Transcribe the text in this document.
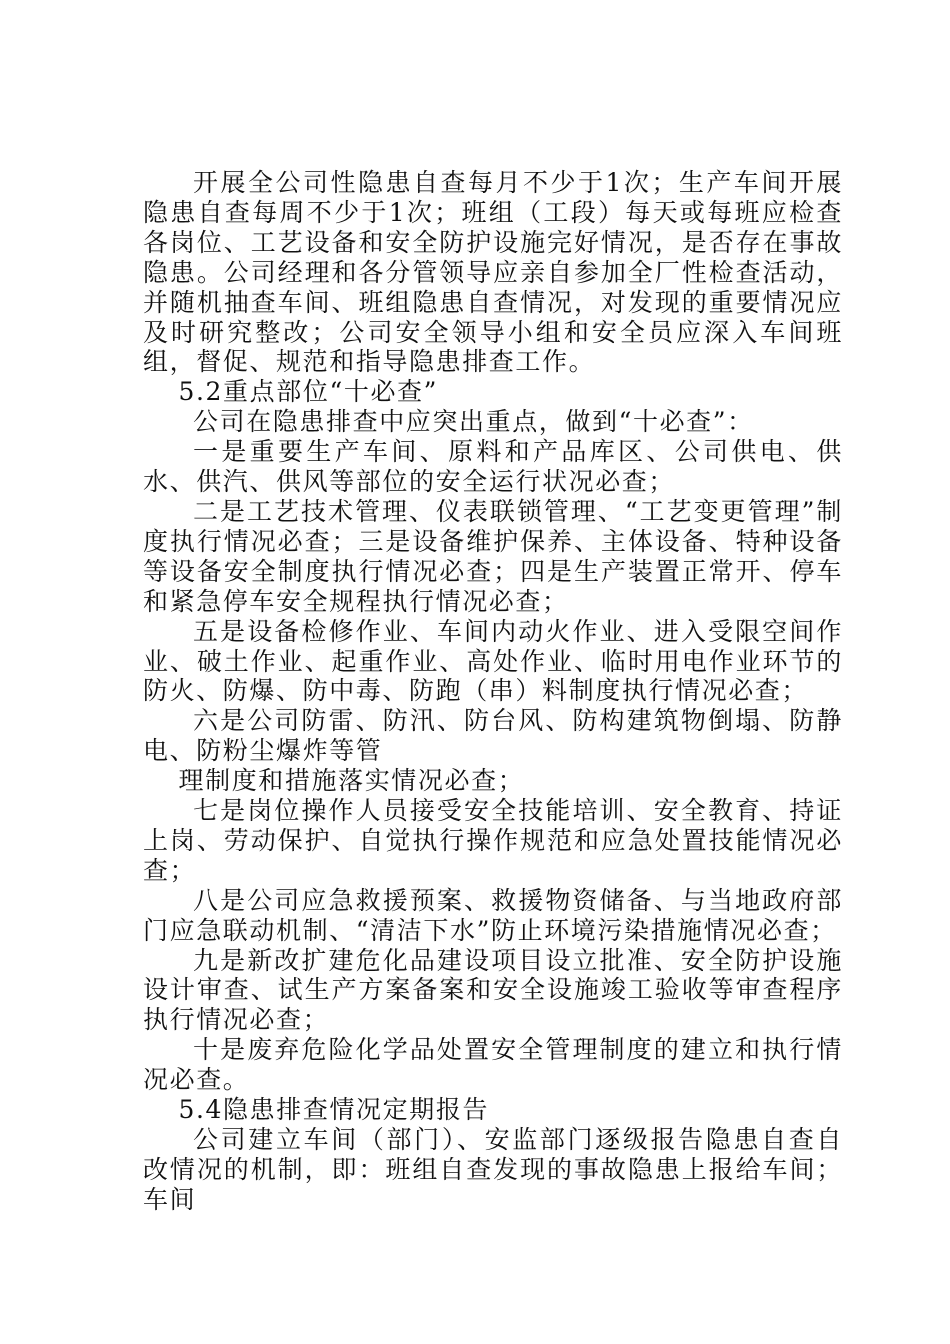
开展全公司性隐患自查每月不少于1次；生产车间开展隐患自查每周不少于1次；班组（工段）每天或每班应检查各岗位、工艺设备和安全防护设施完好情况，是否存在事故隐患。公司经理和各分管领导应亲自参加全厂性检查活动，并随机抽查车间、班组隐患自查情况，对发现的重要情况应及时研究整改；公司安全领导小组和安全员应深入车间班组，督促、规范和指导隐患排查工作。

5.2重点部位“十必查”

公司在隐患排查中应突出重点，做到“十必查”：

一是重要生产车间、原料和产品库区、公司供电、供水、供汽、供风等部位的安全运行状况必查；

二是工艺技术管理、仪表联锁管理、“工艺变更管理”制度执行情况必查；三是设备维护保养、主体设备、特种设备等设备安全制度执行情况必查；四是生产装置正常开、停车和紧急停车安全规程执行情况必查；

五是设备检修作业、车间内动火作业、进入受限空间作业、破土作业、起重作业、高处作业、临时用电作业环节的防火、防爆、防中毒、防跑（串）料制度执行情况必查；

六是公司防雷、防汛、防台风、防构建筑物倒塌、防静电、防粉尘爆炸等管

理制度和措施落实情况必查；

七是岗位操作人员接受安全技能培训、安全教育、持证上岗、劳动保护、自觉执行操作规范和应急处置技能情况必查；

八是公司应急救援预案、救援物资储备、与当地政府部门应急联动机制、“清洁下水”防止环境污染措施情况必查；

九是新改扩建危化品建设项目设立批准、安全防护设施设计审查、试生产方案备案和安全设施竣工验收等审查程序执行情况必查；

十是废弃危险化学品处置安全管理制度的建立和执行情况必查。

5.4隐患排查情况定期报告

公司建立车间（部门）、安监部门逐级报告隐患自查自改情况的机制，即：班组自查发现的事故隐患上报给车间；车间
